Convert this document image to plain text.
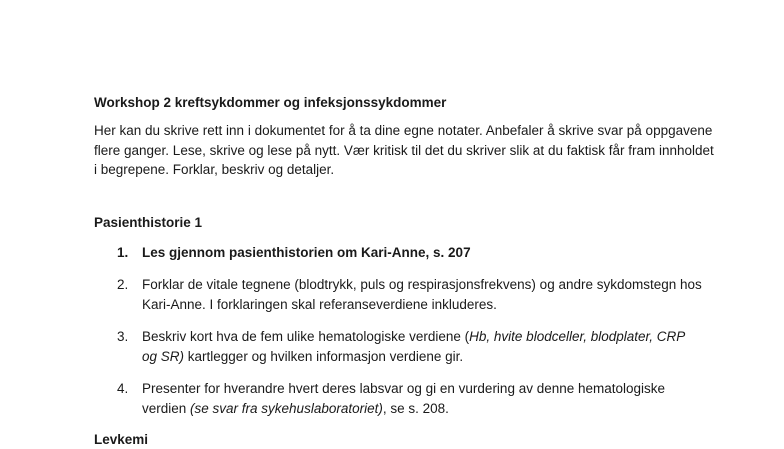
Workshop 2 kreftsykdommer og infeksjonssykdommer

Her kan du skrive rett inn i dokumentet for å ta dine egne notater. Anbefaler å skrive svar på oppgavene flere ganger. Lese, skrive og lese på nytt. Vær kritisk til det du skriver slik at du faktisk får fram innholdet i begrepene. Forklar, beskriv og detaljer.

Pasienthistorie 1

1.	Les gjennom pasienthistorien om Kari-Anne, s. 207
2.	Forklar de vitale tegnene (blodtrykk, puls og respirasjonsfrekvens) og andre sykdomstegn hos Kari-Anne. I forklaringen skal referanseverdiene inkluderes.
3.	Beskriv kort hva de fem ulike hematologiske verdiene (Hb, hvite blodceller, blodplater, CRP og SR) kartlegger og hvilken informasjon verdiene gir.
4.	Presenter for hverandre hvert deres labsvar og gi en vurdering av denne hematologiske verdien (se svar fra sykehuslaboratoriet), se s. 208.

Levkemi
